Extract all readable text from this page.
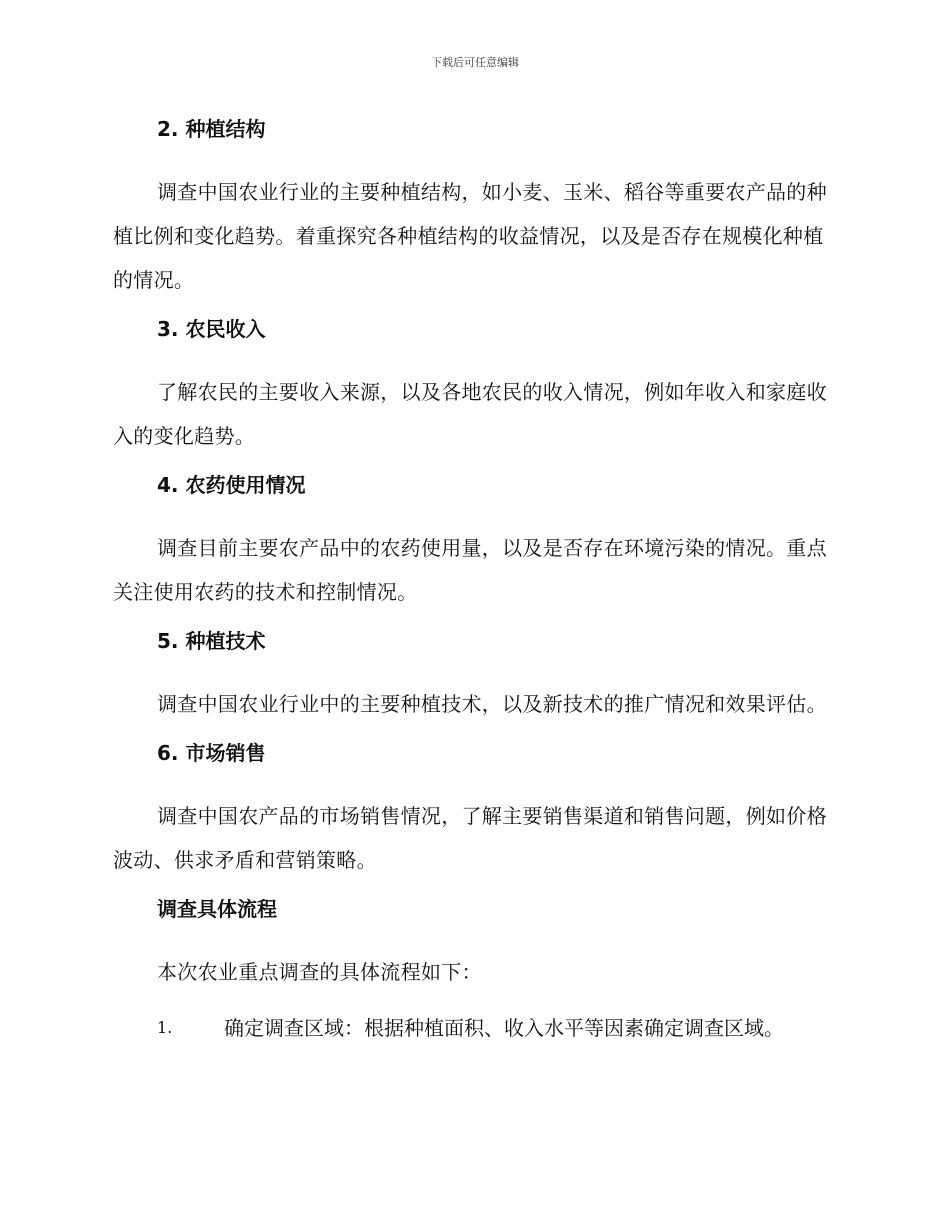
下载后可任意编辑
2. 种植结构
调查中国农业行业的主要种植结构，如小麦、玉米、稻谷等重要农产品的种植比例和变化趋势。着重探究各种植结构的收益情况，以及是否存在规模化种植的情况。
3. 农民收入
了解农民的主要收入来源，以及各地农民的收入情况，例如年收入和家庭收入的变化趋势。
4. 农药使用情况
调查目前主要农产品中的农药使用量，以及是否存在环境污染的情况。重点关注使用农药的技术和控制情况。
5. 种植技术
调查中国农业行业中的主要种植技术，以及新技术的推广情况和效果评估。
6. 市场销售
调查中国农产品的市场销售情况，了解主要销售渠道和销售问题，例如价格波动、供求矛盾和营销策略。
调查具体流程
本次农业重点调查的具体流程如下：
1.	确定调查区域：根据种植面积、收入水平等因素确定调查区域。
